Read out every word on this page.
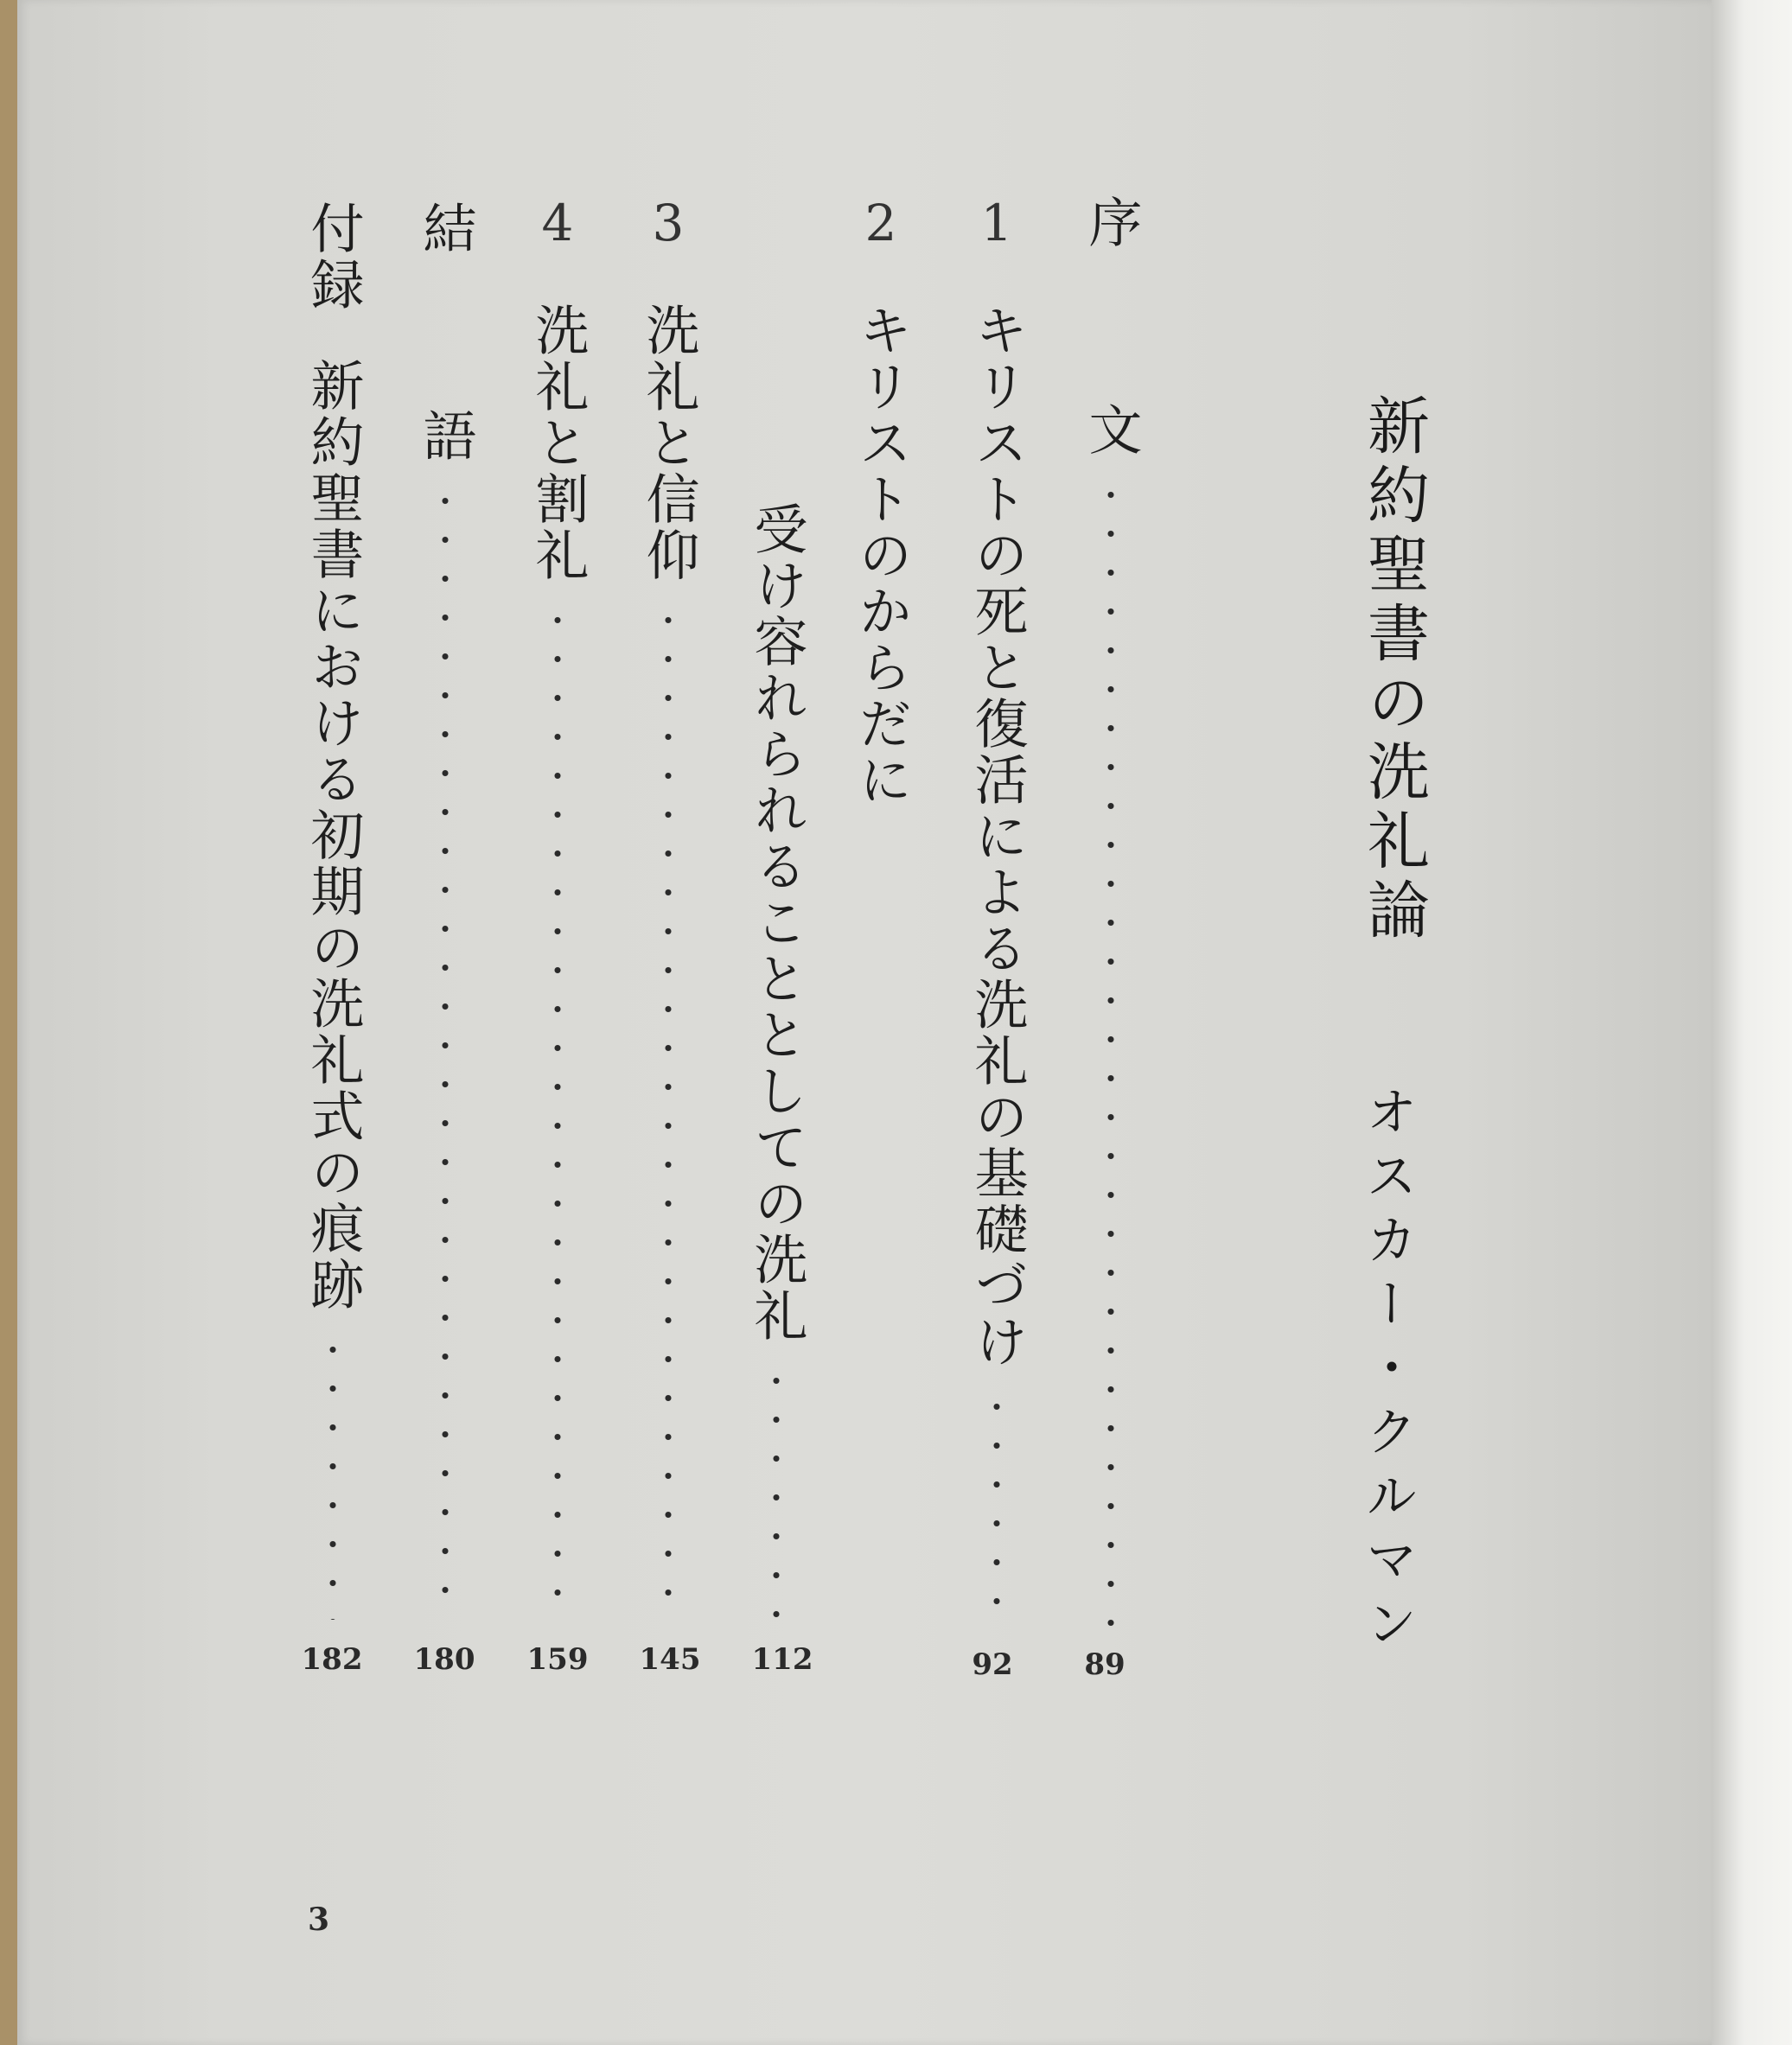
新約聖書の洗礼論
オスカー・クルマン
序
文
89
1
キリストの死と復活による洗礼の基礎づけ
92
2
キリストのからだに
受け容れられることとしての洗礼
112
3
洗礼と信仰
145
4
洗礼と割礼
159
結
語
180
付録
新約聖書における初期の洗礼式の痕跡
182
3
